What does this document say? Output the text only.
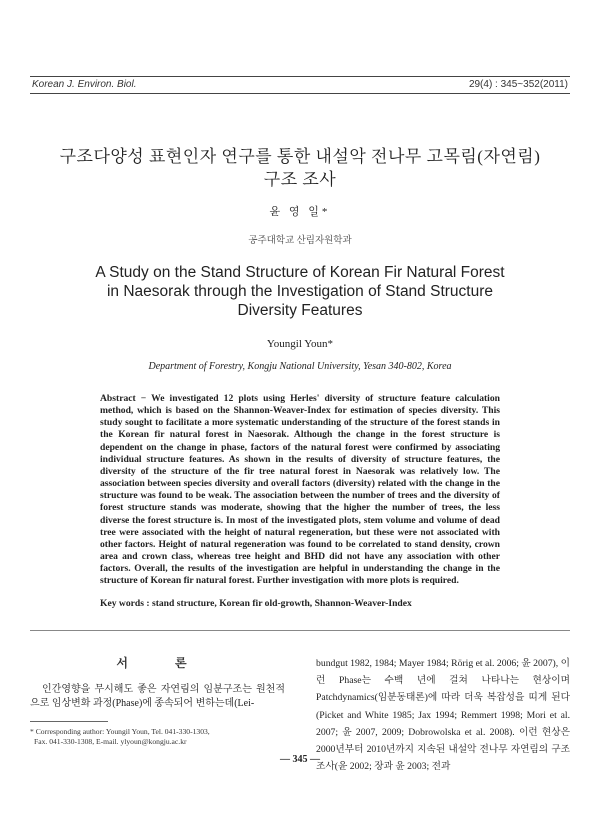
Korean J. Environ. Biol.	29(4) : 345~352(2011)
구조다양성 표현인자 연구를 통한 내설악 전나무 고목림(자연림)
구조 조사
윤 영 일*
공주대학교 산림자원학과
A Study on the Stand Structure of Korean Fir Natural Forest
in Naesorak through the Investigation of Stand Structure
Diversity Features
Youngil Youn*
Department of Forestry, Kongju National University, Yesan 340-802, Korea
Abstract − We investigated 12 plots using Herles' diversity of structure feature calculation method, which is based on the Shannon-Weaver-Index for estimation of species diversity. This study sought to facilitate a more systematic understanding of the structure of the forest stands in the Korean fir natural forest in Naesorak. Although the change in the forest structure is dependent on the change in phase, factors of the natural forest were confirmed by associating individual structure features. As shown in the results of diversity of structure features, the diversity of the structure of the fir tree natural forest in Naesorak was relatively low. The association between species diversity and overall factors (diversity) related with the change in the structure was found to be weak. The association between the number of trees and the diversity of forest structure stands was moderate, showing that the higher the number of trees, the less diverse the forest structure is. In most of the investigated plots, stem volume and volume of dead tree were associated with the height of natural regeneration, but these were not associated with other factors. Height of natural regeneration was found to be correlated to stand density, crown area and crown class, whereas tree height and BHD did not have any association with other factors. Overall, the results of the investigation are helpful in understanding the change in the structure of Korean fir natural forest. Further investigation with more plots is required.
Key words : stand structure, Korean fir old-growth, Shannon-Weaver-Index
서 론
인간영향을 무시해도 좋은 자연림의 임분구조는 원천적으로 임상변화 과정(Phase)에 종속되어 변하는데(Lei-
bundgut 1982, 1984; Mayer 1984; Rörig et al. 2006; 윤 2007), 이런 Phase는 수백 년에 걸쳐 나타나는 현상이며 Patchdynamics(임분동태론)에 따라 더욱 복잡성을 띠게 된다(Picket and White 1985; Jax 1994; Remmert 1998; Mori et al. 2007; 윤 2007, 2009; Dobrowolska et al. 2008). 이런 현상은 2000년부터 2010년까지 지속된 내설악 전나무 자연림의 구조조사(윤 2002; 장과 윤 2003; 전과
* Corresponding author: Youngil Youn, Tel. 041-330-1303,
Fax. 041-330-1308, E-mail. ylyoun@kongju.ac.kr
— 345 —
